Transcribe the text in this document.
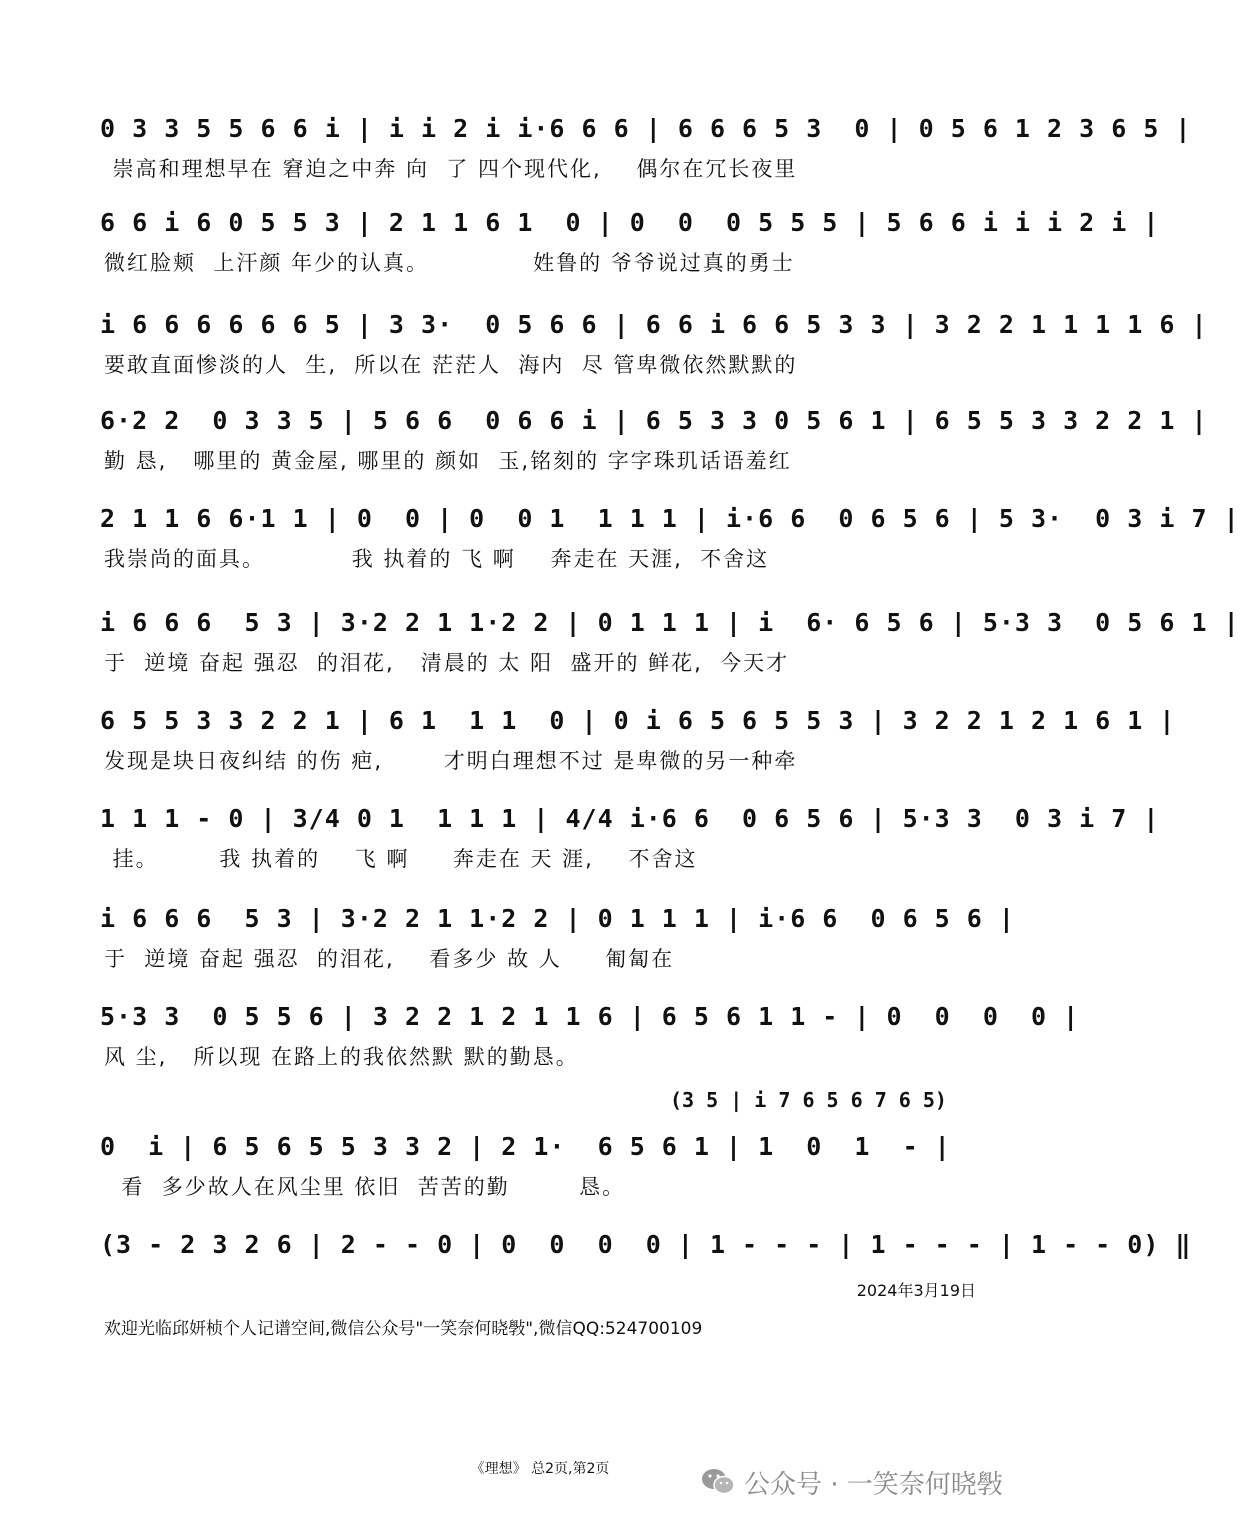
0 3 3 5 5 6 6 i | i i 2 i i·6 6 6 | 6 6 6 5 3  0 | 0 5 6 1 2 3 6 5 |
崇高和理想早在 窘迫之中奔 向  了 四个现代化,    偶尔在冗长夜里
6 6 i 6 0 5 5 3 | 2 1 1 6 1  0 | 0  0  0 5 5 5 | 5 6 6 i i i 2 i |
微红脸颊  上汗颜 年少的认真。            姓鲁的 爷爷说过真的勇士
i 6 6 6 6 6 6 5 | 3 3·  0 5 6 6 | 6 6 i 6 6 5 3 3 | 3 2 2 1 1 1 1 6 |
要敢直面惨淡的人  生,  所以在 茫茫人  海内  尽 管卑微依然默默的
6·2 2  0 3 3 5 | 5 6 6  0 6 6 i | 6 5 3 3 0 5 6 1 | 6 5 5 3 3 2 2 1 |
勤 恳,   哪里的 黄金屋, 哪里的 颜如  玉,铭刻的 字字珠玑话语羞红
2 1 1 6 6·1 1 | 0  0 | 0  0 1  1 1 1 | i·6 6  0 6 5 6 | 5 3·  0 3 i 7 |
我崇尚的面具。          我 执着的 飞 啊    奔走在 天涯,  不舍这
i 6 6 6  5 3 | 3·2 2 1 1·2 2 | 0 1 1 1 | i  6· 6 5 6 | 5·3 3  0 5 6 1 |
于  逆境 奋起 强忍  的泪花,   清晨的 太 阳  盛开的 鲜花,  今天才
6 5 5 3 3 2 2 1 | 6 1  1 1  0 | 0 i 6 5 6 5 5 3 | 3 2 2 1 2 1 6 1 |
发现是块日夜纠结 的伤 疤,       才明白理想不过 是卑微的另一种牵
1 1 1 - 0 | 3/4 0 1  1 1 1 | 4/4 i·6 6  0 6 5 6 | 5·3 3  0 3 i 7 |
挂。       我 执着的    飞 啊     奔走在 天 涯,    不舍这
i 6 6 6  5 3 | 3·2 2 1 1·2 2 | 0 1 1 1 | i·6 6  0 6 5 6 |
于  逆境 奋起 强忍  的泪花,    看多少 故 人     匍匐在
5·3 3  0 5 5 6 | 3 2 2 1 2 1 1 6 | 6 5 6 1 1 - | 0  0  0  0 |
风 尘,   所以现 在路上的我依然默 默的勤恳。
(3 5 | i 7 6 5 6 7 6 5)
0  i | 6 5 6 5 5 3 3 2 | 2 1·  6 5 6 1 | 1  0  1  - |
看  多少故人在风尘里 依旧  苦苦的勤        恳。
(3 - 2 3 2 6 | 2 - - 0 | 0  0  0  0 | 1 - - - | 1 - - - | 1 - - 0) ‖
2024年3月19日
欢迎光临邱妍桢个人记谱空间,微信公众号"一笑奈何晓斅",微信QQ:524700109
《理想》 总2页,第2页
公众号 · 一笑奈何晓斅
